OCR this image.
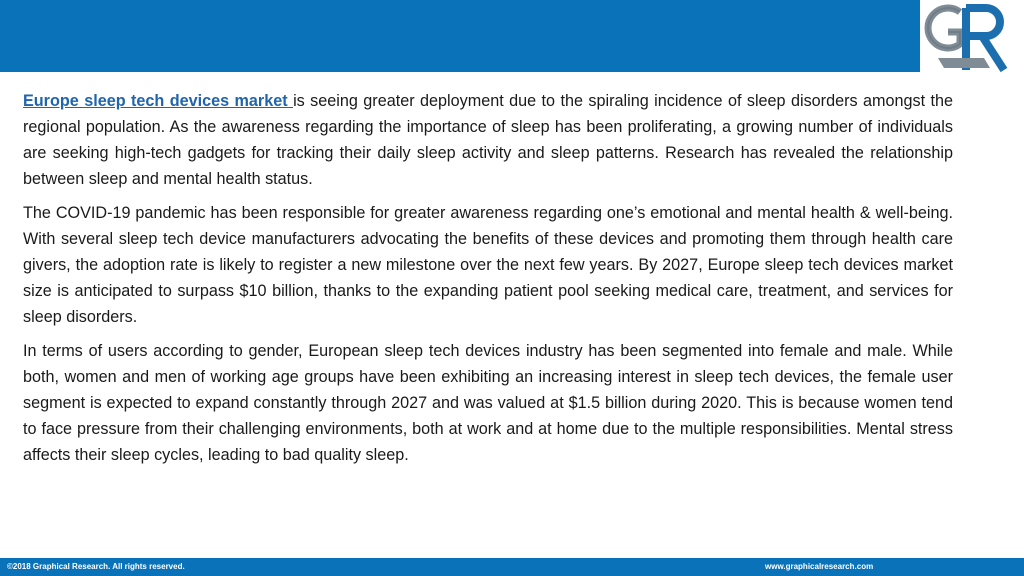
Europe sleep tech devices market is seeing greater deployment due to the spiraling incidence of sleep disorders amongst the regional population. As the awareness regarding the importance of sleep has been proliferating, a growing number of individuals are seeking high-tech gadgets for tracking their daily sleep activity and sleep patterns. Research has revealed the relationship between sleep and mental health status.

The COVID-19 pandemic has been responsible for greater awareness regarding one’s emotional and mental health & well-being. With several sleep tech device manufacturers advocating the benefits of these devices and promoting them through health care givers, the adoption rate is likely to register a new milestone over the next few years. By 2027, Europe sleep tech devices market size is anticipated to surpass $10 billion, thanks to the expanding patient pool seeking medical care, treatment, and services for sleep disorders.

In terms of users according to gender, European sleep tech devices industry has been segmented into female and male. While both, women and men of working age groups have been exhibiting an increasing interest in sleep tech devices, the female user segment is expected to expand constantly through 2027 and was valued at $1.5 billion during 2020. This is because women tend to face pressure from their challenging environments, both at work and at home due to the multiple responsibilities. Mental stress affects their sleep cycles, leading to bad quality sleep.

©2018 Graphical Research. All rights reserved.	www.graphicalresearch.com
